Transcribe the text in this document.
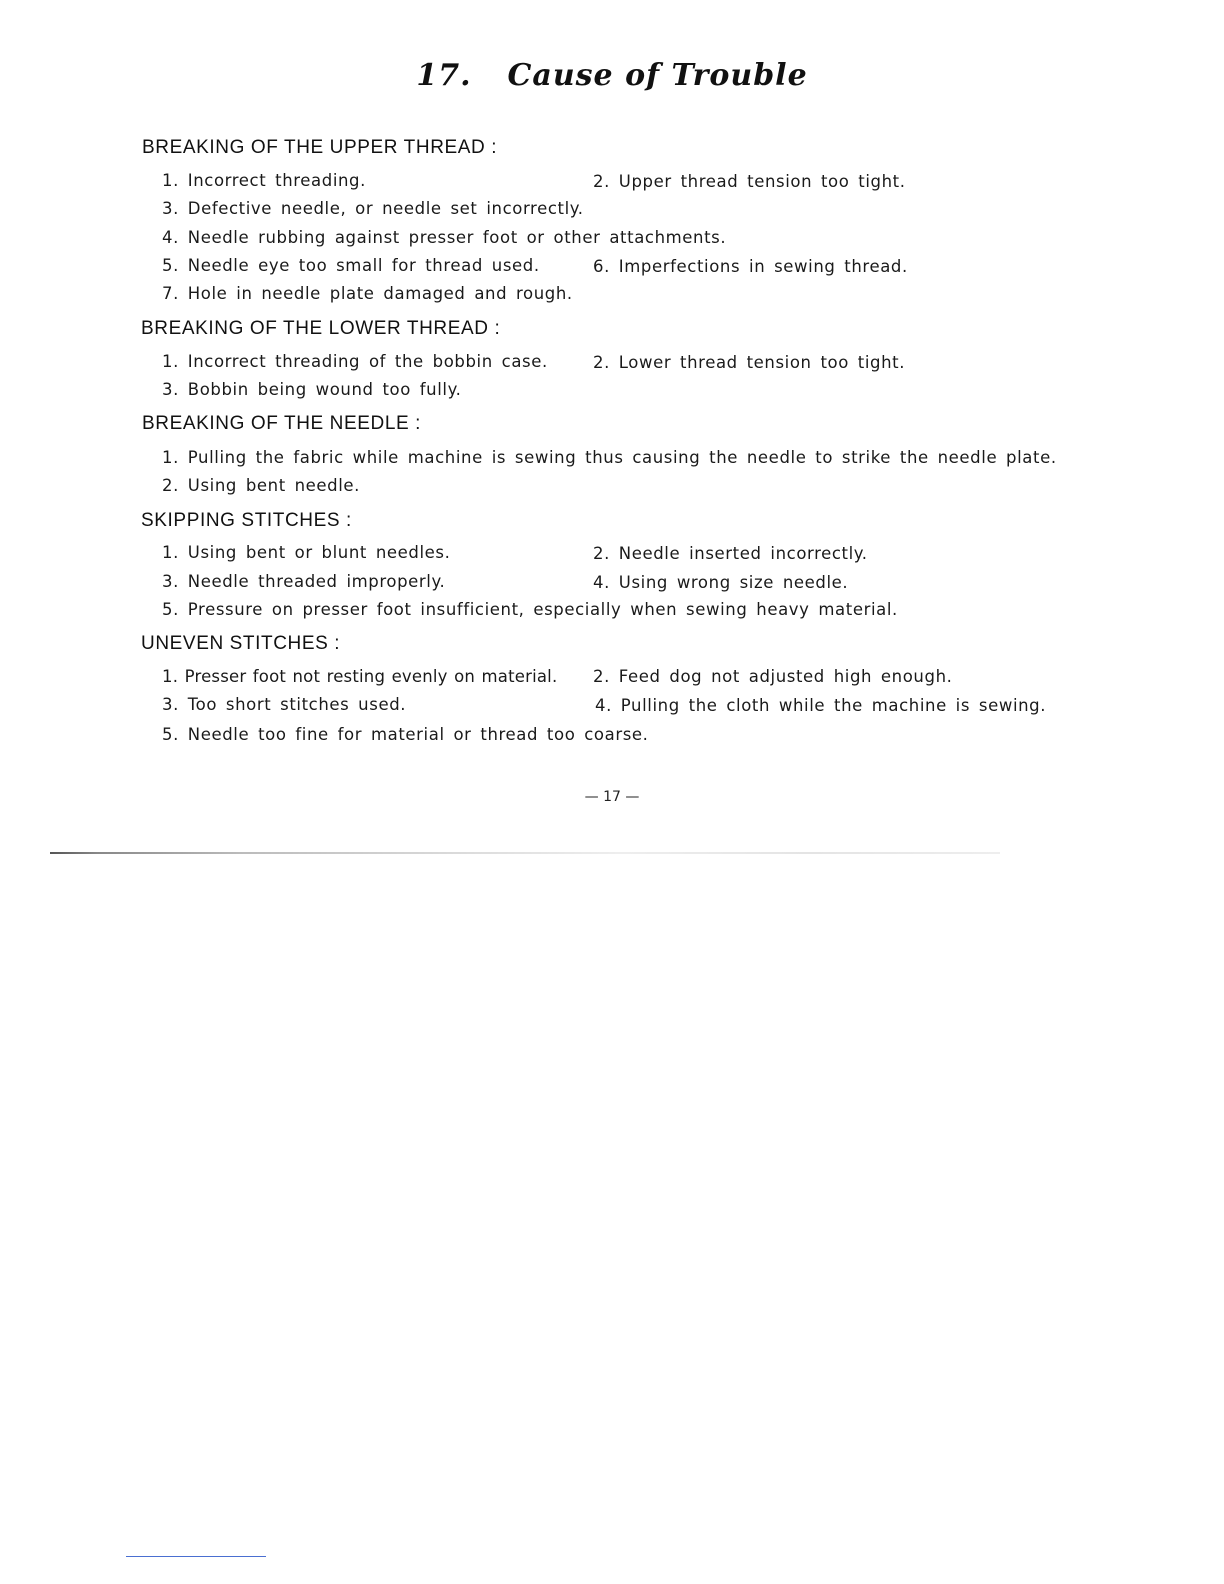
17. Cause of Trouble
BREAKING OF THE UPPER THREAD :
1. Incorrect threading.	2. Upper thread tension too tight.
3. Defective needle, or needle set incorrectly.
4. Needle rubbing against presser foot or other attachments.
5. Needle eye too small for thread used.	6. Imperfections in sewing thread.
7. Hole in needle plate damaged and rough.
BREAKING OF THE LOWER THREAD :
1. Incorrect threading of the bobbin case.	2. Lower thread tension too tight.
3. Bobbin being wound too fully.
BREAKING OF THE NEEDLE :
1. Pulling the fabric while machine is sewing thus causing the needle to strike the needle plate.
2. Using bent needle.
SKIPPING STITCHES :
1. Using bent or blunt needles.	2. Needle inserted incorrectly.
3. Needle threaded improperly.	4. Using wrong size needle.
5. Pressure on presser foot insufficient, especially when sewing heavy material.
UNEVEN STITCHES :
1. Presser foot not resting evenly on material. 2. Feed dog not adjusted high enough.
3. Too short stitches used.	4. Pulling the cloth while the machine is sewing.
5. Needle too fine for material or thread too coarse.
— 17 —
